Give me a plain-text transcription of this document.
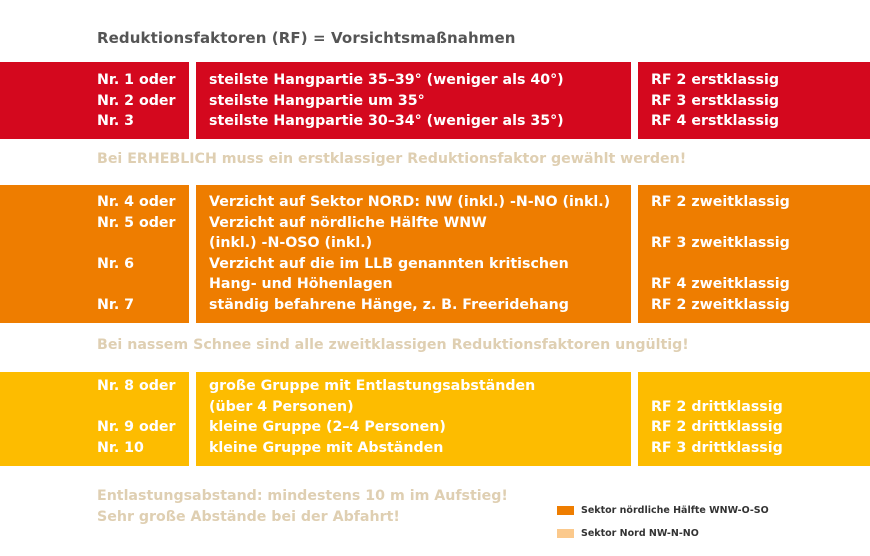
Reduktionsfaktoren (RF) = Vorsichtsmaßnahmen
Nr. 1 oder
Nr. 2 oder
Nr. 3
steilste Hangpartie 35–39° (weniger als 40°)
steilste Hangpartie um 35°
steilste Hangpartie 30–34° (weniger als 35°)
RF 2 erstklassig
RF 3 erstklassig
RF 4 erstklassig
Bei ERHEBLICH muss ein erstklassiger Reduktionsfaktor gewählt werden!
Nr. 4 oder
Nr. 5 oder
Nr. 6
Nr. 7
Verzicht auf Sektor NORD: NW (inkl.) -N-NO (inkl.)
Verzicht auf nördliche Hälfte WNW
(inkl.) -N-OSO (inkl.)
Verzicht auf die im LLB genannten kritischen
Hang- und Höhenlagen
ständig befahrene Hänge, z. B. Freeridehang
RF 2 zweitklassig
RF 3 zweitklassig
RF 4 zweitklassig
RF 2 zweitklassig
Bei nassem Schnee sind alle zweitklassigen Reduktionsfaktoren ungültig!
Nr. 8 oder
Nr. 9 oder
Nr. 10
große Gruppe mit Entlastungsabständen
(über 4 Personen)
kleine Gruppe (2–4 Personen)
kleine Gruppe mit Abständen
RF 2 drittklassig
RF 2 drittklassig
RF 3 drittklassig
Entlastungsabstand: mindestens 10 m im Aufstieg!
Sehr große Abstände bei der Abfahrt!	Sektor nördliche Hälfte WNW-O-SO
Sektor Nord NW-N-NO
